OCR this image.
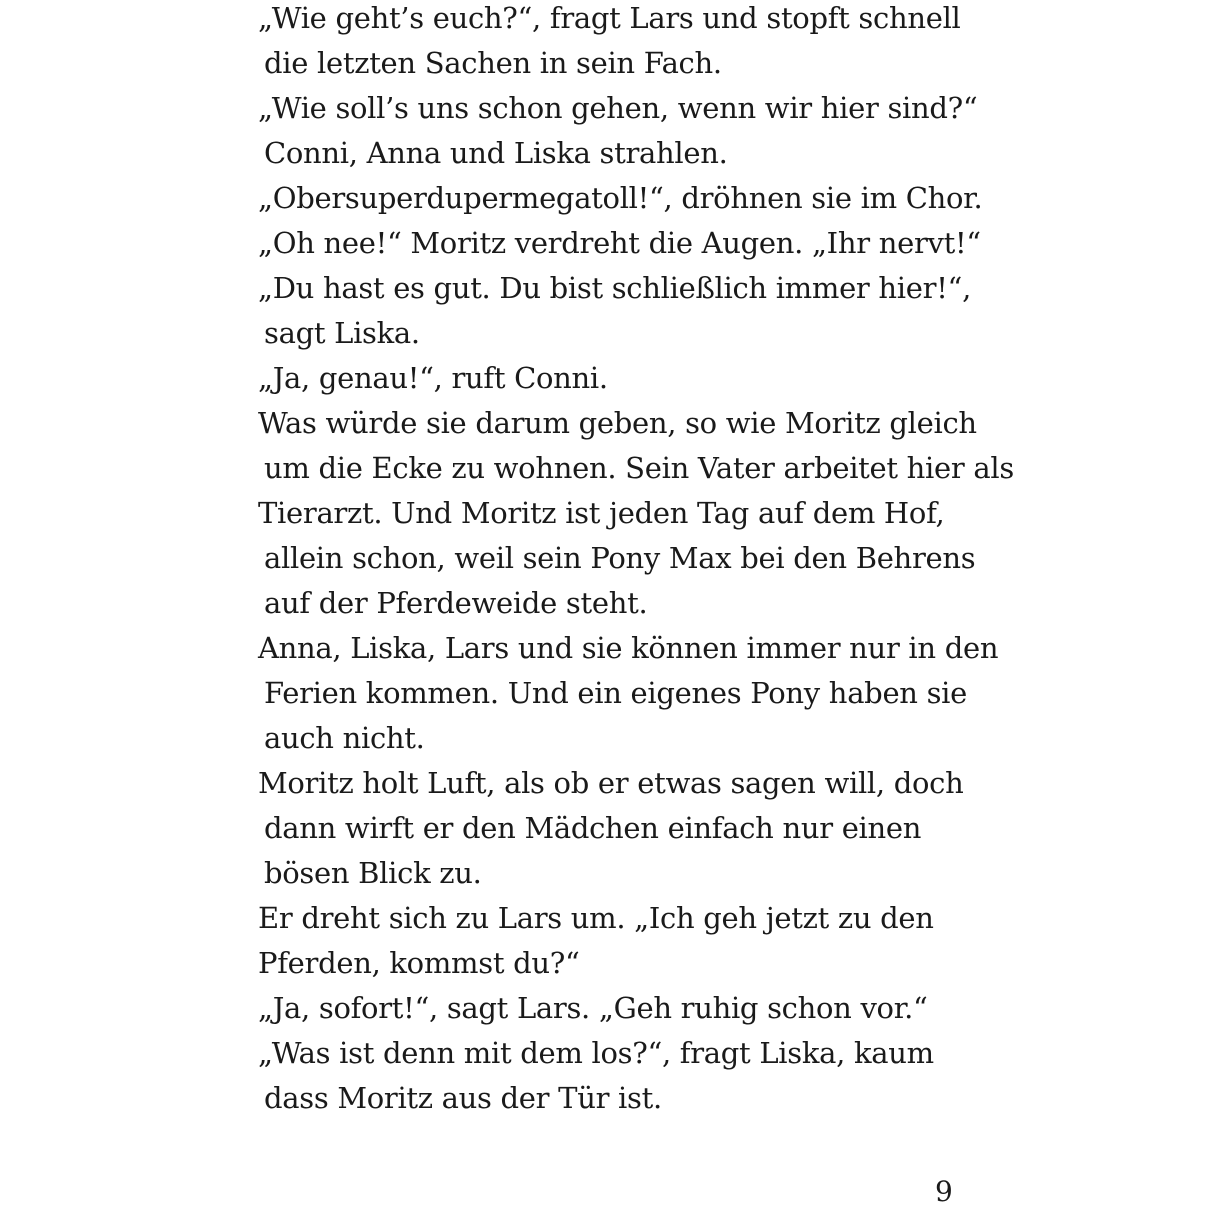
„Wie geht’s euch?“, fragt Lars und stopft schnell
die letzten Sachen in sein Fach.
„Wie soll’s uns schon gehen, wenn wir hier sind?“
Conni, Anna und Liska strahlen.
„Obersuperdupermegatoll!“, dröhnen sie im Chor.
„Oh nee!“ Moritz verdreht die Augen. „Ihr nervt!“
„Du hast es gut. Du bist schließlich immer hier!“,
sagt Liska.
„Ja, genau!“, ruft Conni.
Was würde sie darum geben, so wie Moritz gleich
um die Ecke zu wohnen. Sein Vater arbeitet hier als
Tierarzt. Und Moritz ist jeden Tag auf dem Hof,
allein schon, weil sein Pony Max bei den Behrens
auf der Pferdeweide steht.
Anna, Liska, Lars und sie können immer nur in den
Ferien kommen. Und ein eigenes Pony haben sie
auch nicht.
Moritz holt Luft, als ob er etwas sagen will, doch
dann wirft er den Mädchen einfach nur einen
bösen Blick zu.
Er dreht sich zu Lars um. „Ich geh jetzt zu den
Pferden, kommst du?“
„Ja, sofort!“, sagt Lars. „Geh ruhig schon vor.“
„Was ist denn mit dem los?“, fragt Liska, kaum
dass Moritz aus der Tür ist.
9
